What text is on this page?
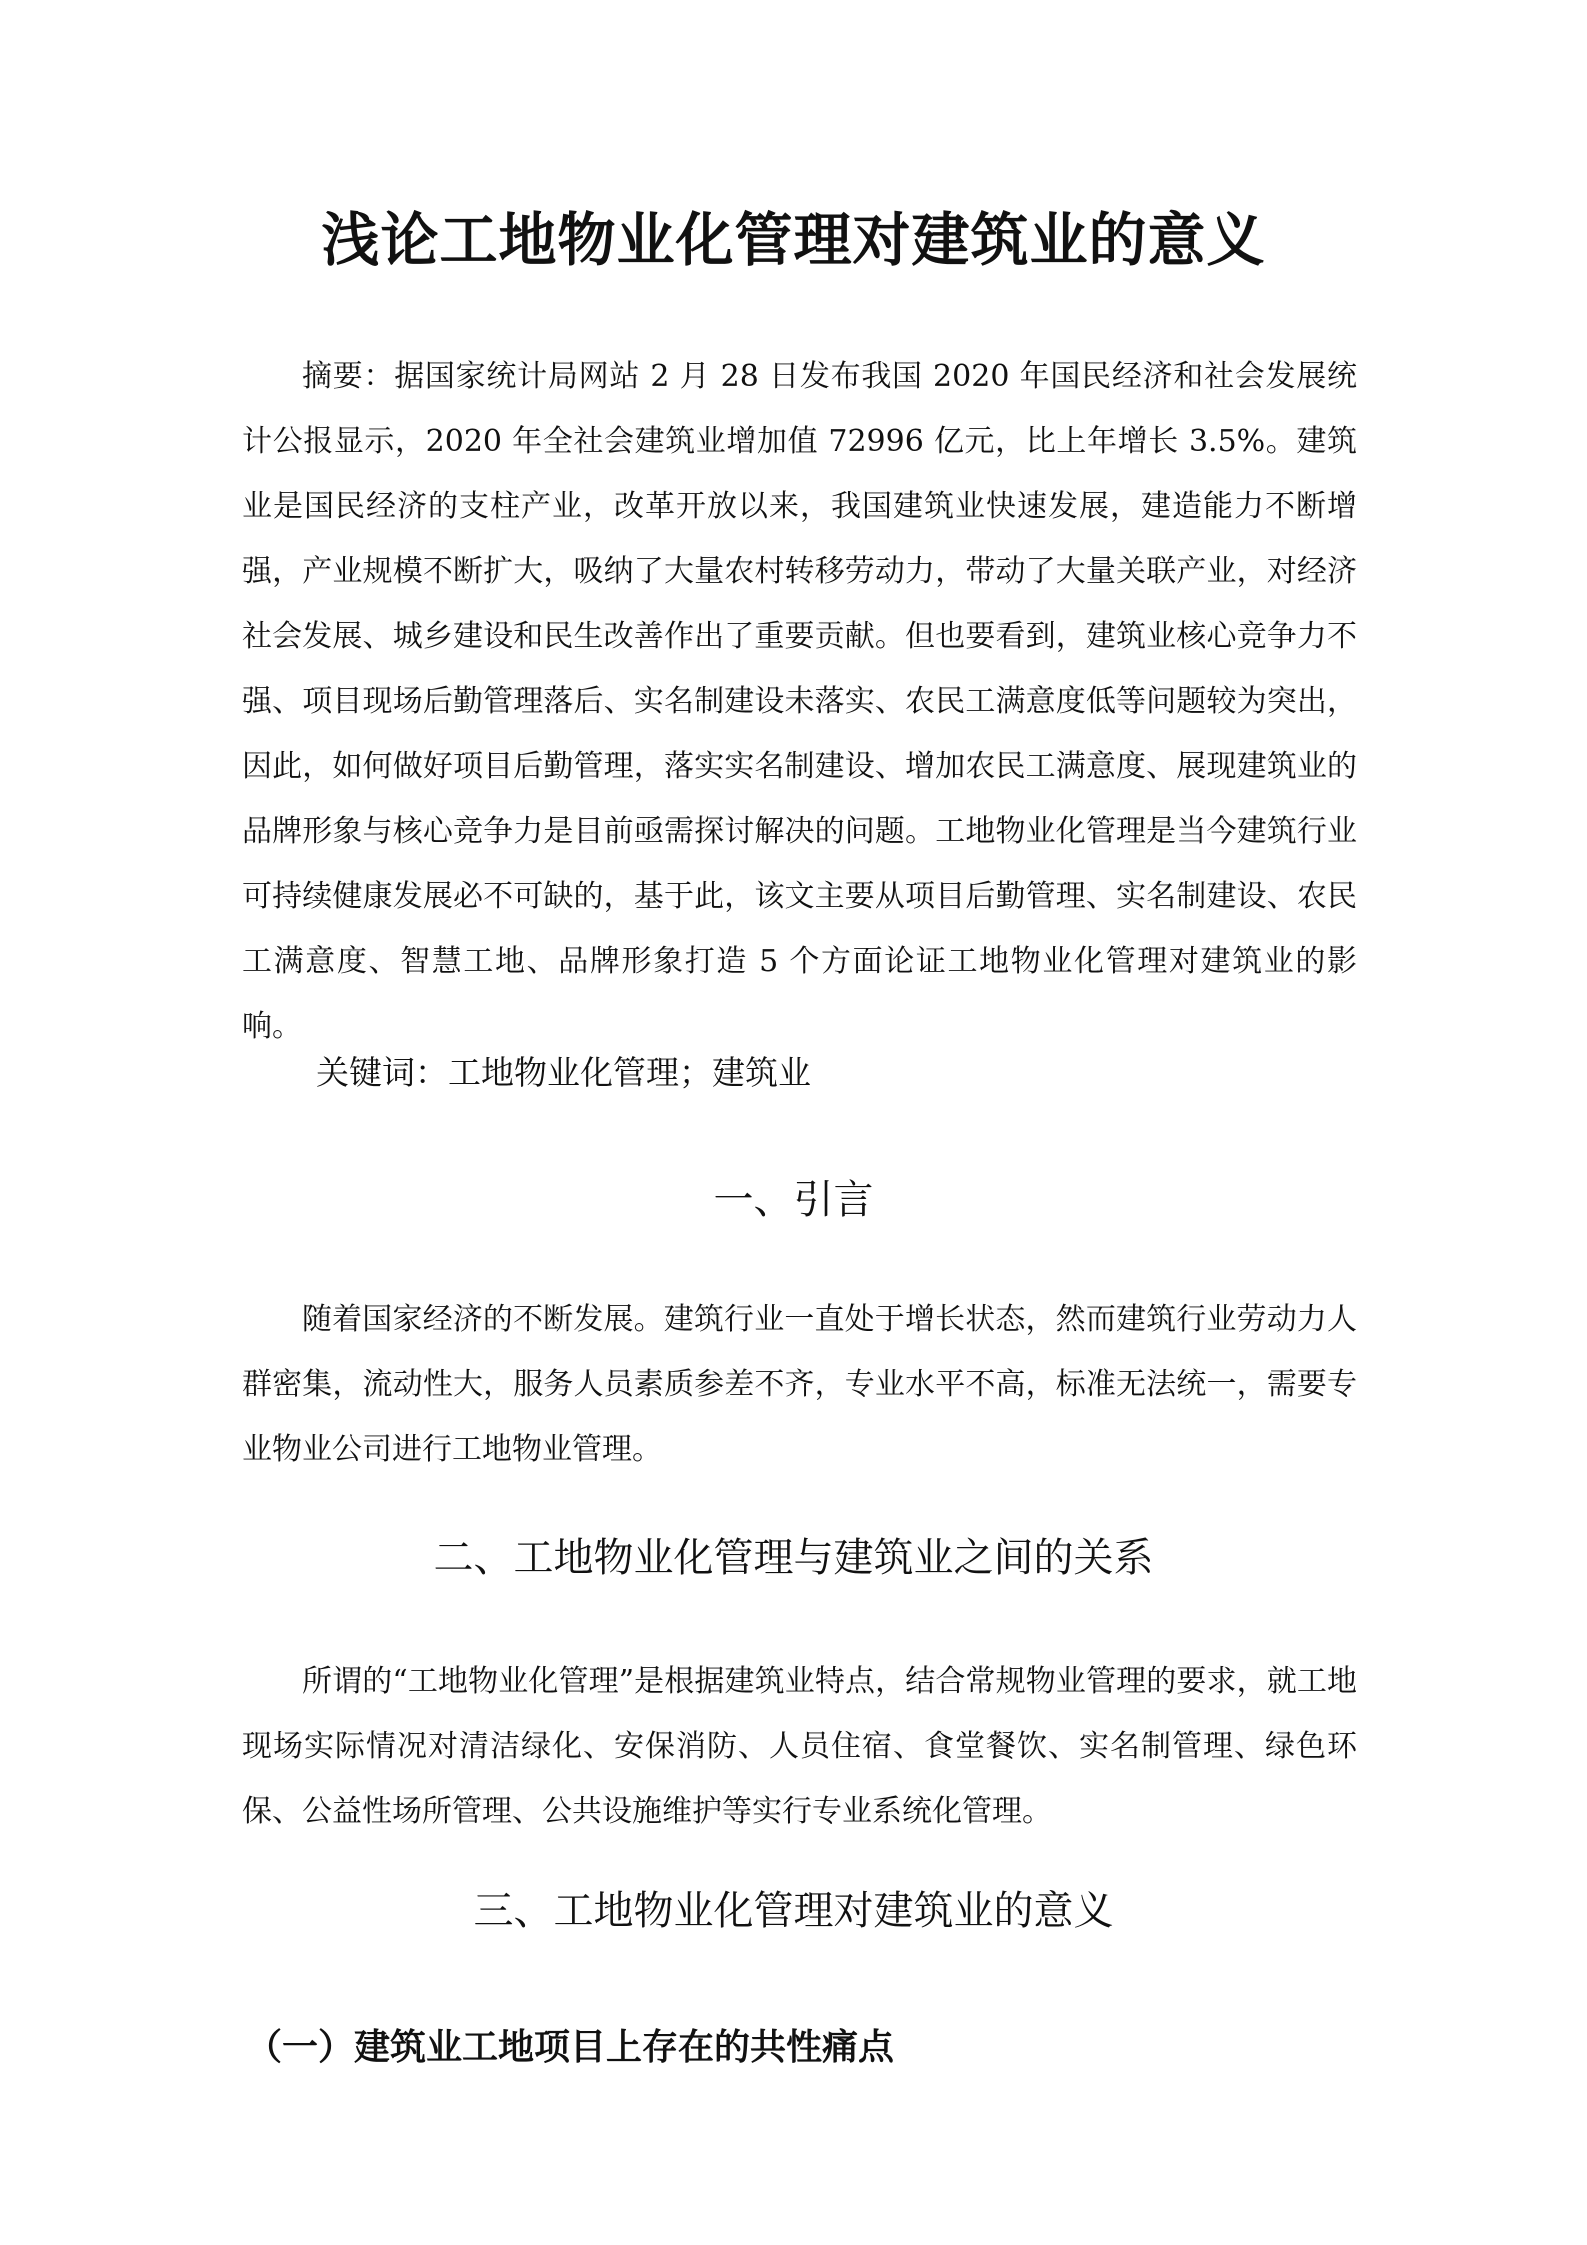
浅论工地物业化管理对建筑业的意义

摘要：据国家统计局网站 2 月 28 日发布我国 2020 年国民经济和社会发展统计公报显示，2020 年全社会建筑业增加值 72996 亿元，比上年增长 3.5%。建筑业是国民经济的支柱产业，改革开放以来，我国建筑业快速发展，建造能力不断增强，产业规模不断扩大，吸纳了大量农村转移劳动力，带动了大量关联产业，对经济社会发展、城乡建设和民生改善作出了重要贡献。但也要看到，建筑业核心竞争力不强、项目现场后勤管理落后、实名制建设未落实、农民工满意度低等问题较为突出，因此，如何做好项目后勤管理，落实实名制建设、增加农民工满意度、展现建筑业的品牌形象与核心竞争力是目前亟需探讨解决的问题。工地物业化管理是当今建筑行业可持续健康发展必不可缺的，基于此，该文主要从项目后勤管理、实名制建设、农民工满意度、智慧工地、品牌形象打造 5 个方面论证工地物业化管理对建筑业的影响。

关键词：工地物业化管理；建筑业

一、引言

随着国家经济的不断发展。建筑行业一直处于增长状态，然而建筑行业劳动力人群密集，流动性大，服务人员素质参差不齐，专业水平不高，标准无法统一，需要专业物业公司进行工地物业管理。

二、工地物业化管理与建筑业之间的关系

所谓的“工地物业化管理”是根据建筑业特点，结合常规物业管理的要求，就工地现场实际情况对清洁绿化、安保消防、人员住宿、食堂餐饮、实名制管理、绿色环保、公益性场所管理、公共设施维护等实行专业系统化管理。

三、工地物业化管理对建筑业的意义
（一）建筑业工地项目上存在的共性痛点
